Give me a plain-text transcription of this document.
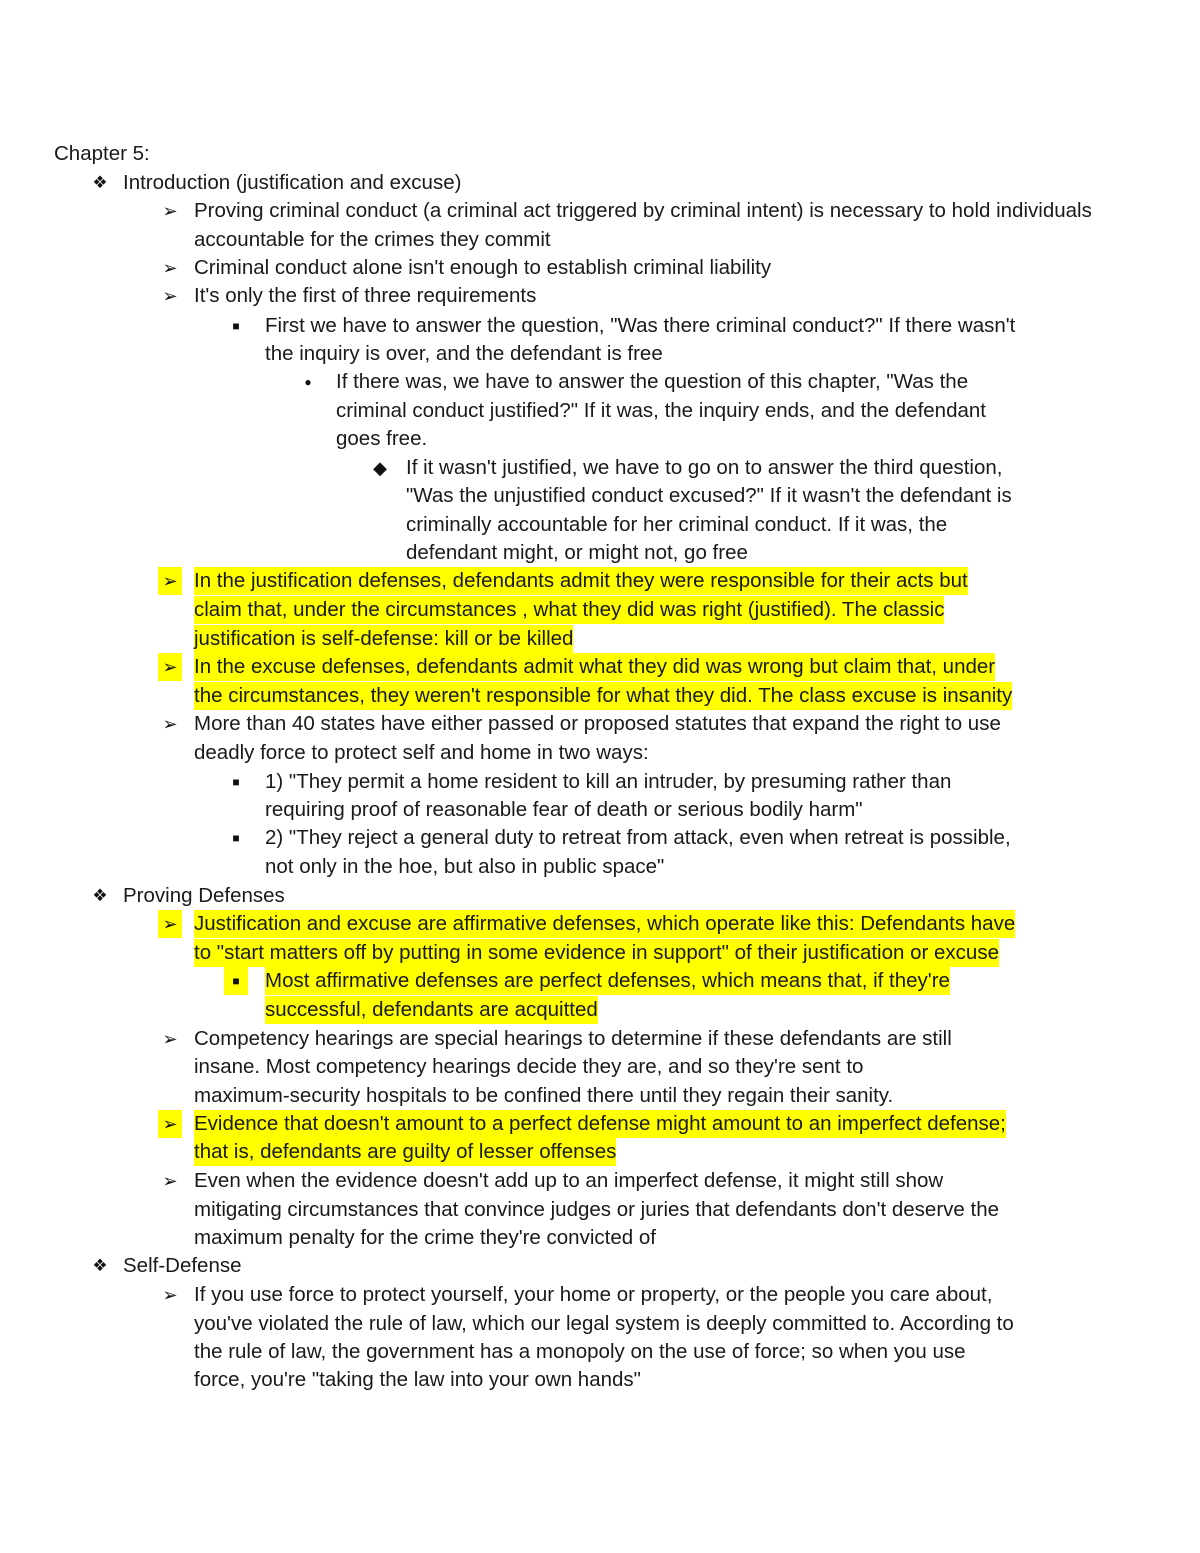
Chapter 5:
❖ Introduction (justification and excuse)
➢ Proving criminal conduct (a criminal act triggered by criminal intent) is necessary to hold individuals
accountable for the crimes they commit
➢ Criminal conduct alone isn't enough to establish criminal liability
➢ It's only the first of three requirements
■	First we have to answer the question, "Was there criminal conduct?" If there wasn't
the inquiry is over, and the defendant is free
●	If there was, we have to answer the question of this chapter, "Was the
criminal conduct justified?" If it was, the inquiry ends, and the defendant
goes free.
◆ If it wasn't justified, we have to go on to answer the third question,
"Was the unjustified conduct excused?" If it wasn't the defendant is
criminally accountable for her criminal conduct. If it was, the
defendant might, or might not, go free
➢ In the justification defenses, defendants admit they were responsible for their acts but
claim that, under the circumstances , what they did was right (justified). The classic
justification is self-defense: kill or be killed
➢ In the excuse defenses, defendants admit what they did was wrong but claim that, under
the circumstances, they weren't responsible for what they did. The class excuse is insanity
➢ More than 40 states have either passed or proposed statutes that expand the right to use
deadly force to protect self and home in two ways:
■	1) "They permit a home resident to kill an intruder, by presuming rather than
requiring proof of reasonable fear of death or serious bodily harm"
■	2) "They reject a general duty to retreat from attack, even when retreat is possible,
not only in the hoe, but also in public space"
❖ Proving Defenses
➢ Justification and excuse are affirmative defenses, which operate like this: Defendants have
to "start matters off by putting in some evidence in support" of their justification or excuse
■	Most affirmative defenses are perfect defenses, which means that, if they're
successful, defendants are acquitted
➢ Competency hearings are special hearings to determine if these defendants are still
insane. Most competency hearings decide they are, and so they're sent to
maximum-security hospitals to be confined there until they regain their sanity.
➢ Evidence that doesn't amount to a perfect defense might amount to an imperfect defense;
that is, defendants are guilty of lesser offenses
➢ Even when the evidence doesn't add up to an imperfect defense, it might still show
mitigating circumstances that convince judges or juries that defendants don't deserve the
maximum penalty for the crime they're convicted of
❖ Self-Defense
➢ If you use force to protect yourself, your home or property, or the people you care about,
you've violated the rule of law, which our legal system is deeply committed to. According to
the rule of law, the government has a monopoly on the use of force; so when you use
force, you're "taking the law into your own hands"
